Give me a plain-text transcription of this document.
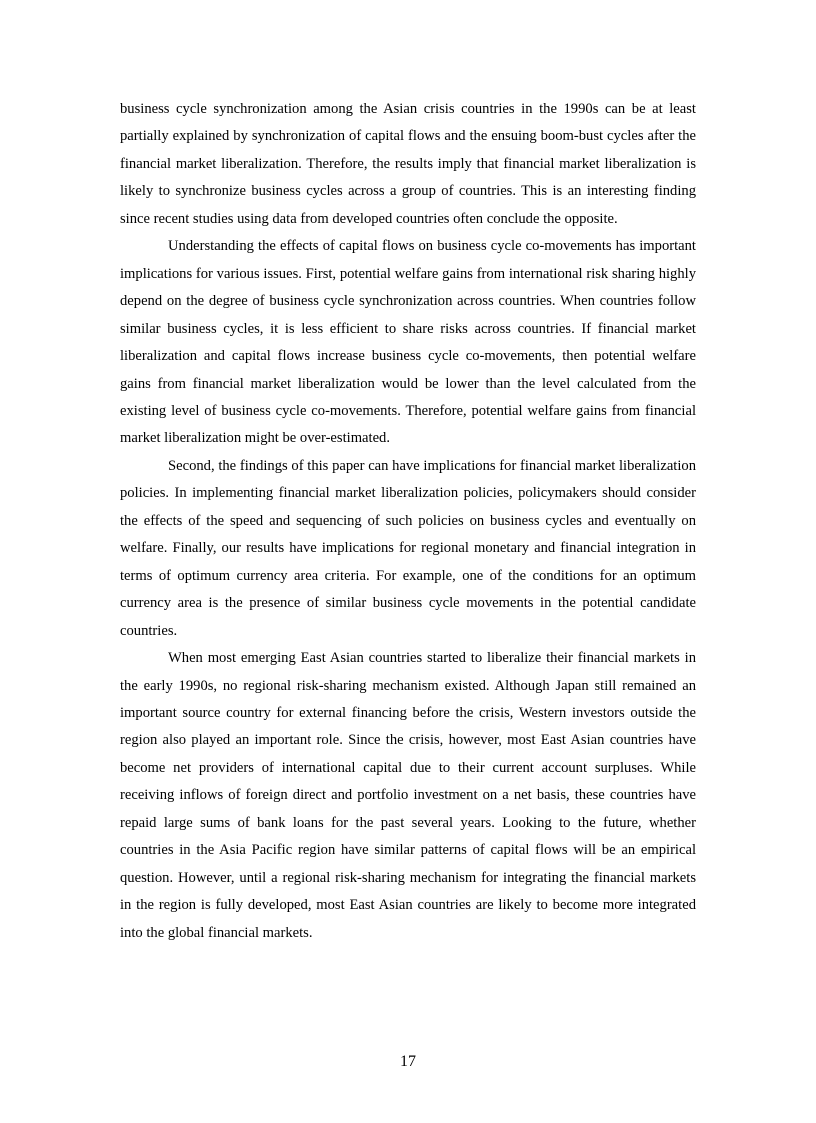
business cycle synchronization among the Asian crisis countries in the 1990s can be at least partially explained by synchronization of capital flows and the ensuing boom-bust cycles after the financial market liberalization. Therefore, the results imply that financial market liberalization is likely to synchronize business cycles across a group of countries. This is an interesting finding since recent studies using data from developed countries often conclude the opposite.

Understanding the effects of capital flows on business cycle co-movements has important implications for various issues. First, potential welfare gains from international risk sharing highly depend on the degree of business cycle synchronization across countries. When countries follow similar business cycles, it is less efficient to share risks across countries. If financial market liberalization and capital flows increase business cycle co-movements, then potential welfare gains from financial market liberalization would be lower than the level calculated from the existing level of business cycle co-movements. Therefore, potential welfare gains from financial market liberalization might be over-estimated.

Second, the findings of this paper can have implications for financial market liberalization policies. In implementing financial market liberalization policies, policymakers should consider the effects of the speed and sequencing of such policies on business cycles and eventually on welfare. Finally, our results have implications for regional monetary and financial integration in terms of optimum currency area criteria. For example, one of the conditions for an optimum currency area is the presence of similar business cycle movements in the potential candidate countries.

When most emerging East Asian countries started to liberalize their financial markets in the early 1990s, no regional risk-sharing mechanism existed. Although Japan still remained an important source country for external financing before the crisis, Western investors outside the region also played an important role. Since the crisis, however, most East Asian countries have become net providers of international capital due to their current account surpluses. While receiving inflows of foreign direct and portfolio investment on a net basis, these countries have repaid large sums of bank loans for the past several years. Looking to the future, whether countries in the Asia Pacific region have similar patterns of capital flows will be an empirical question. However, until a regional risk-sharing mechanism for integrating the financial markets in the region is fully developed, most East Asian countries are likely to become more integrated into the global financial markets.

17
